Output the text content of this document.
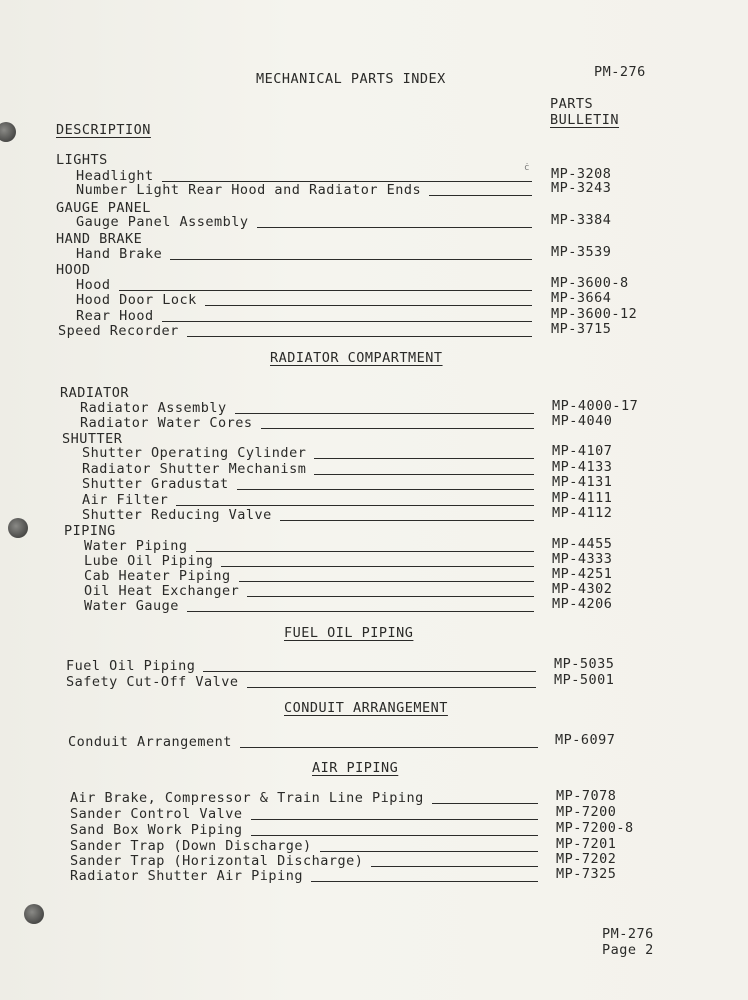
MECHANICAL PARTS INDEX	PM-276
PARTS
BULLETIN
DESCRIPTION
ċ
LIGHTS
Headlight	MP-3208
Number Light Rear Hood and Radiator Ends	MP-3243
GAUGE PANEL
Gauge Panel Assembly	MP-3384
HAND BRAKE
Hand Brake	MP-3539
HOOD
Hood	MP-3600-8
Hood Door Lock	MP-3664
Rear Hood	MP-3600-12
Speed Recorder	MP-3715
RADIATOR COMPARTMENT
RADIATOR
Radiator Assembly	MP-4000-17
Radiator Water Cores	MP-4040
SHUTTER
Shutter Operating Cylinder	MP-4107
Radiator Shutter Mechanism	MP-4133
Shutter Gradustat	MP-4131
Air Filter	MP-4111
Shutter Reducing Valve	MP-4112
PIPING
Water Piping	MP-4455
Lube Oil Piping	MP-4333
Cab Heater Piping	MP-4251
Oil Heat Exchanger	MP-4302
Water Gauge	MP-4206
FUEL OIL PIPING
Fuel Oil Piping	MP-5035
Safety Cut-Off Valve	MP-5001
CONDUIT ARRANGEMENT
Conduit Arrangement	MP-6097
AIR PIPING
Air Brake, Compressor & Train Line Piping	MP-7078
Sander Control Valve	MP-7200
Sand Box Work Piping	MP-7200-8
Sander Trap (Down Discharge)	MP-7201
Sander Trap (Horizontal Discharge)	MP-7202
Radiator Shutter Air Piping	MP-7325
PM-276
Page 2
